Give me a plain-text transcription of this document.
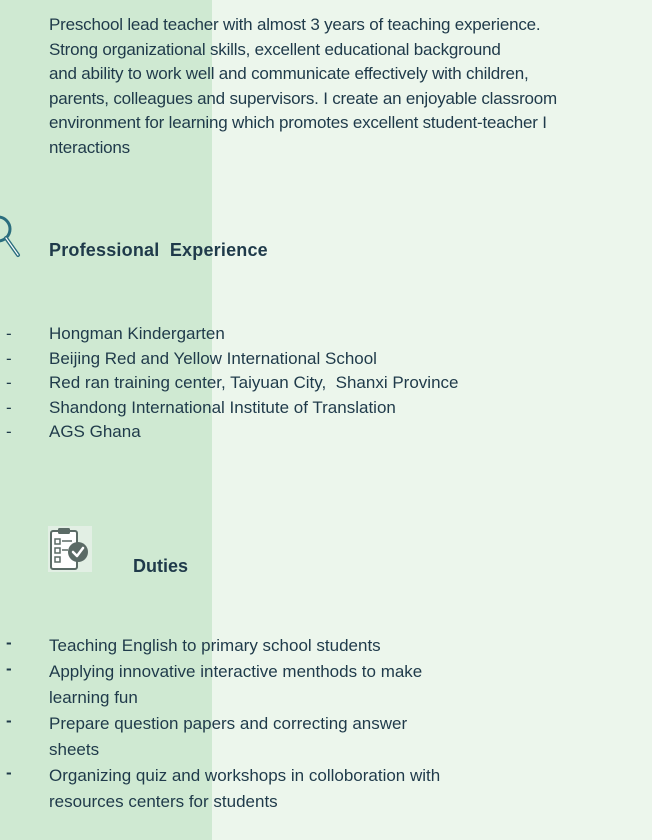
Preschool lead teacher with almost 3 years of teaching experience.
Strong organizational skills, excellent educational background
and ability to work well and communicate effectively with children,
parents, colleagues and supervisors. I create an enjoyable classroom
environment for learning which promotes excellent student-teacher I
nteractions
Professional  Experience
-	Hongman Kindergarten
-	Beijing Red and Yellow International School
-	Red ran training center, Taiyuan City,  Shanxi Province
-	Shandong International Institute of Translation
-	AGS Ghana
Duties
-	Teaching English to primary school students
-	Applying innovative interactive menthods to make
learning fun
-	Prepare question papers and correcting answer
sheets
-	Organizing quiz and workshops in colloboration with
resources centers for students
